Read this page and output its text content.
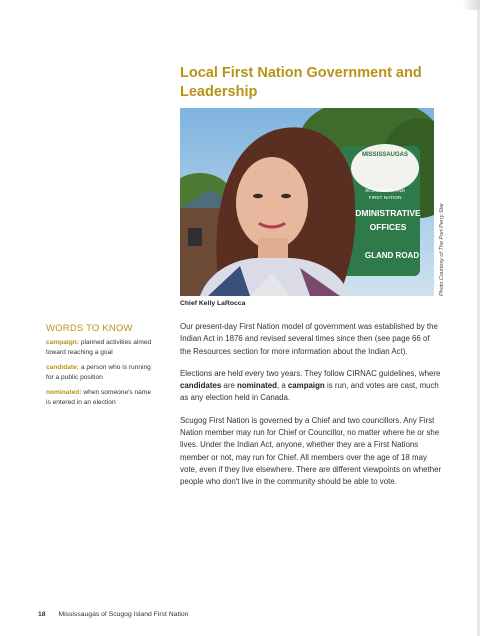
Local First Nation Government and Leadership
MISSISSAUGAS
SCUGOG ISLAND
FIRST NATION
DMINISTRATIVE
OFFICES
GLAND ROAD	Photo Courtesy of The Port Perry Star
Chief Kelly LaRocca
WORDS TO KNOW
campaign: planned activities aimed toward reaching a goal
candidate: a person who is running for a public position
nominated: when someone's name is entered in an election

Our present-day First Nation model of government was established by the Indian Act in 1876 and revised several times since then (see page 66 of the Resources section for more information about the Indian Act).

Elections are held every two years. They follow CIRNAC guidelines, where candidates are nominated, a campaign is run, and votes are cast, much as any election held in Canada.

Scugog First Nation is governed by a Chief and two councillors. Any First Nation member may run for Chief or Councillor, no matter where he or she lives. Under the Indian Act, anyone, whether they are a First Nations member or not, may run for Chief. All members over the age of 18 may vote, even if they live elsewhere. There are different viewpoints on whether people who don't live in the community should be able to vote.

18 Mississaugas of Scugog Island First Nation
